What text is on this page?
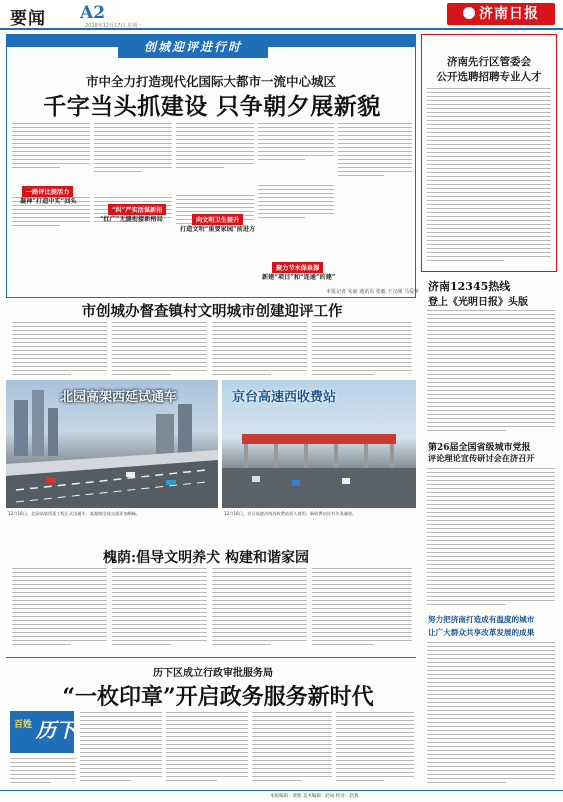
要闻 A2
2018年12月17日 星期一
济南日报
创城迎评进行时
市中全力打造现代化国际大都市一流中心城区
千字当头抓建设 只争朝夕展新貌
一路评比提活力
凝神”打造中实“回头
“纠”严实活谋新招
“红广”无缝衔接新格局	向文明卫生提升
打造文明“重要家园”前进方
聚力节水保泉源
新建“项目”和“连通”的建”
本报记者 朱丽 通讯员 张毅 王汉刚 马爱华
济南先行区管委会
公开选聘招聘专业人才
济南12345热线
登上《光明日报》头版
第26届全国省级城市党报
评论理论宣传研讨会在济召开
努力把济南打造成有温度的城市
让广大群众共享改革发展的成果
市创城办督查镇村文明城市创建迎评工作
北园高架西延试通车	京台高速西收费站
12月16日，北园高架西延工程正式试通车，高架路沿线交通更加顺畅。	12月16日，京台高速济南西收费站投入使用，新收费站设有多条通道。
槐荫:倡导文明养犬 构建和谐家园
历下区成立行政审批服务局
“一枚印章”开启政务服务新时代
百姓 历下
本版编辑：栾新 美术编辑：赵成 校对：赵燕
